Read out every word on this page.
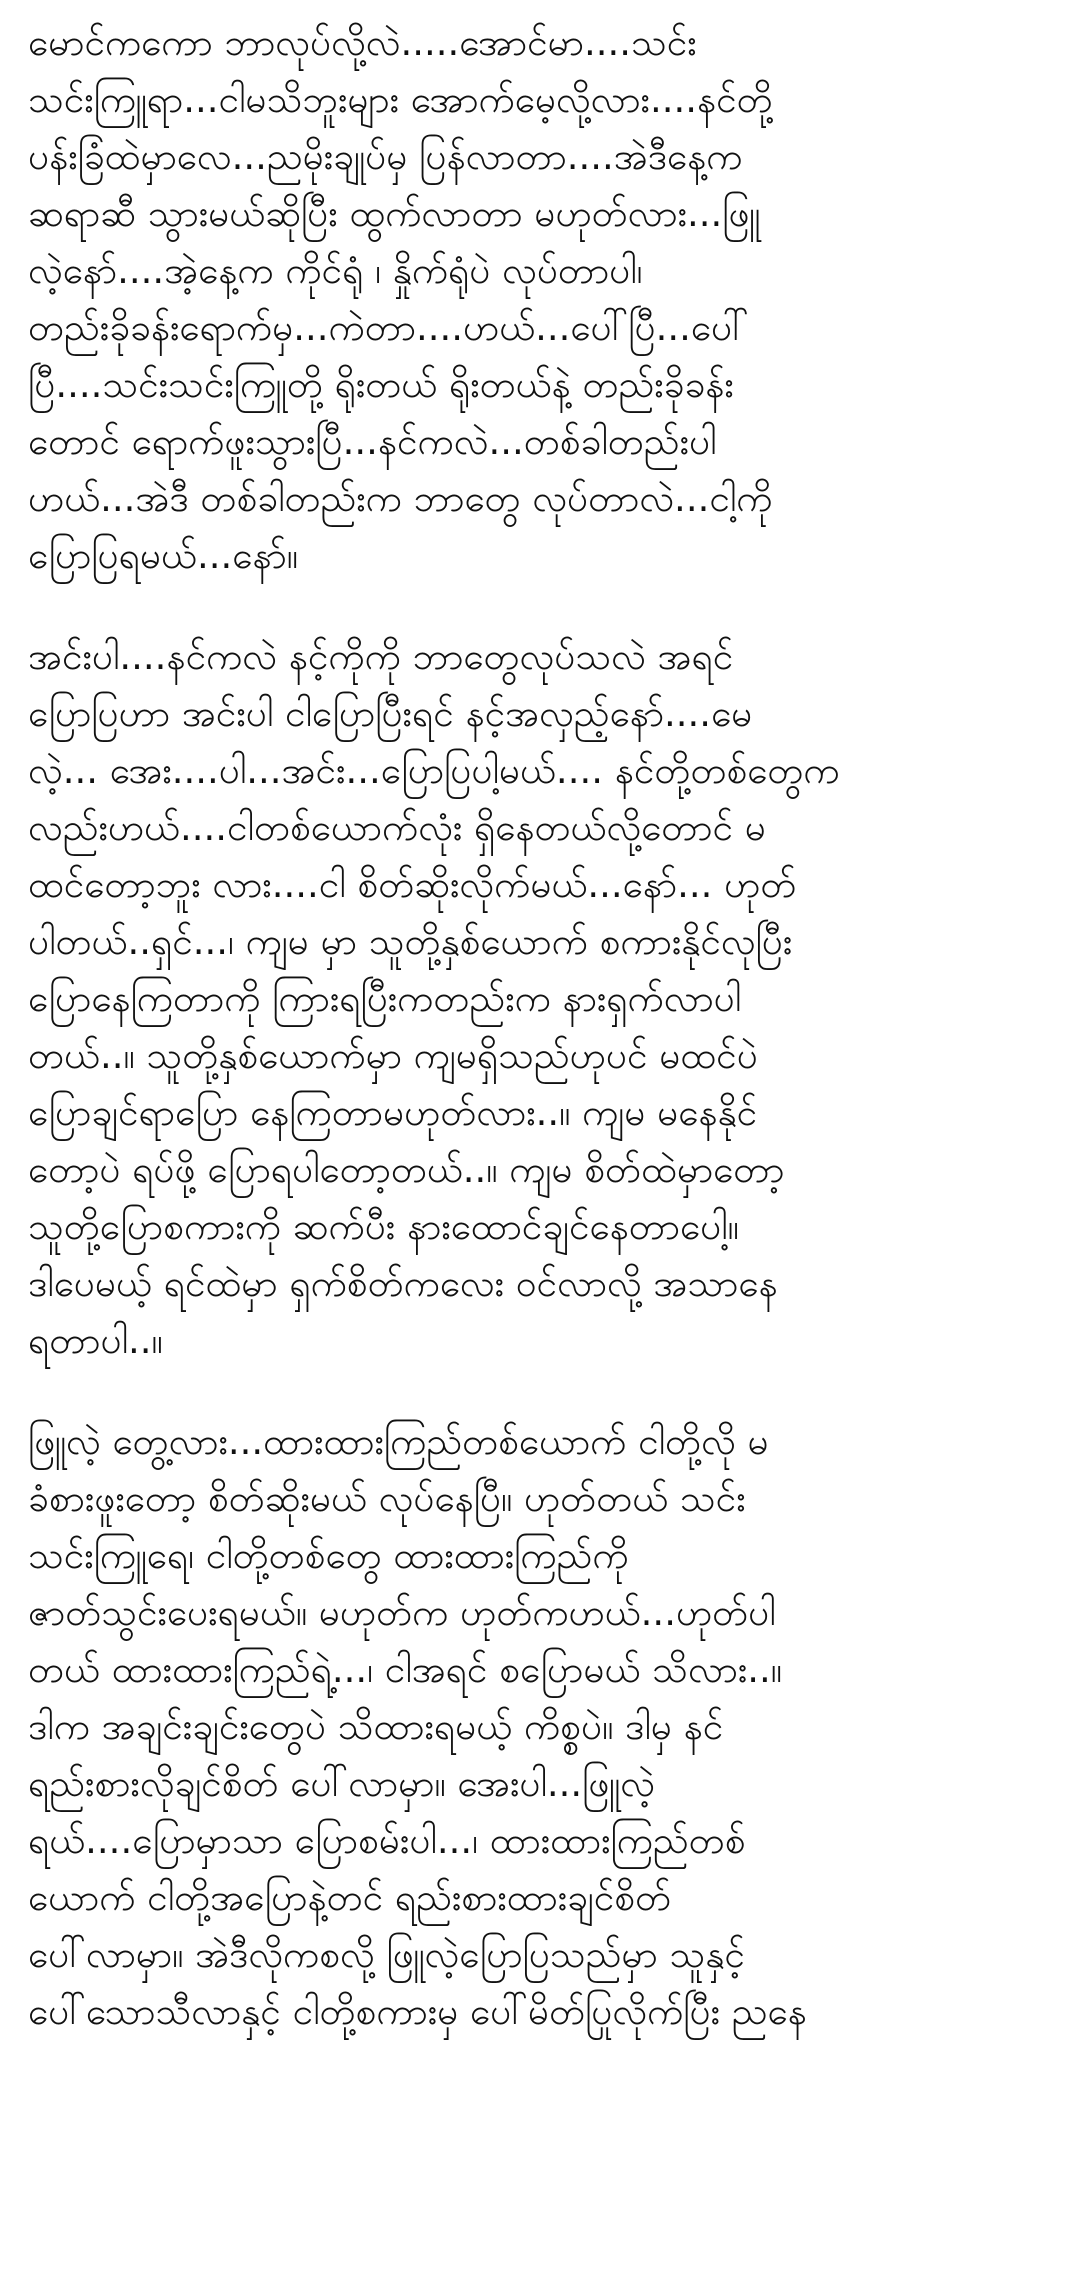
မောင်ကကော ဘာလုပ်လို့လဲ.....အောင်မာ....သင်း
သင်းကြူရာ...ငါမသိဘူးများ အောက်မေ့လို့လား....နင်တို့
ပန်းခြံထဲမှာလေ...ညမိုးချုပ်မှ ပြန်လာတာ....အဲဒီနေ့က
ဆရာဆီ သွားမယ်ဆိုပြီး ထွက်လာတာ မဟုတ်လား...ဖြူ
လဲ့နော်....အဲ့နေ့က ကိုင်ရုံ ၊ နှိုက်ရုံပဲ လုပ်တာပါ၊
တည်းခိုခန်းရောက်မှ...ကဲတာ....ဟယ်...ပေါ်ပြီ...ပေါ်
ပြီ....သင်းသင်းကြူတို့ ရိုးတယ် ရိုးတယ်နဲ့ တည်းခိုခန်း
တောင် ရောက်ဖူးသွားပြီ...နင်ကလဲ...တစ်ခါတည်းပါ
ဟယ်...အဲဒီ တစ်ခါတည်းက ဘာတွေ လုပ်တာလဲ...ငါ့ကို
ပြောပြရမယ်...နော်။
အင်းပါ....နင်ကလဲ နင့်ကိုကို ဘာတွေလုပ်သလဲ အရင်
ပြောပြဟာ အင်းပါ ငါပြောပြီးရင် နင့်အလှည့်နော်....မေ
လဲ့... အေး....ပါ...အင်း...ပြောပြပါ့မယ်.... နင်တို့တစ်တွေက
လည်းဟယ်....ငါတစ်ယောက်လုံး ရှိနေတယ်လို့တောင် မ
ထင်တော့ဘူး လား....ငါ စိတ်ဆိုးလိုက်မယ်...နော်... ဟုတ်
ပါတယ်..ရှင်...၊ ကျမ မှာ သူတို့နှစ်ယောက် စကားနိုင်လုပြီး
ပြောနေကြတာကို ကြားရပြီးကတည်းက နားရှက်လာပါ
တယ်..။ သူတို့နှစ်ယောက်မှာ ကျမရှိသည်ဟုပင် မထင်ပဲ
ပြောချင်ရာပြော နေကြတာမဟုတ်လား..။ ကျမ မနေနိုင်
တော့ပဲ ရပ်ဖို့ ပြောရပါတော့တယ်..။ ကျမ စိတ်ထဲမှာတော့
သူတို့ပြောစကားကို ဆက်ပီး နားထောင်ချင်နေတာပေါ့။
ဒါပေမယ့် ရင်ထဲမှာ ရှက်စိတ်ကလေး ဝင်လာလို့ အသာနေ
ရတာပါ..။
ဖြူလဲ့ တွေ့လား...ထားထားကြည်တစ်ယောက် ငါတို့လို မ
ခံစားဖူးတော့ စိတ်ဆိုးမယ် လုပ်နေပြီ။ ဟုတ်တယ် သင်း
သင်းကြူရေ၊ ငါတို့တစ်တွေ ထားထားကြည်ကို
ဇာတ်သွင်းပေးရမယ်။ မဟုတ်က ဟုတ်ကဟယ်...ဟုတ်ပါ
တယ် ထားထားကြည်ရဲ့...၊ ငါအရင် စပြောမယ် သိလား..။
ဒါက အချင်းချင်းတွေပဲ သိထားရမယ့် ကိစ္စပဲ။ ဒါမှ နင်
ရည်းစားလိုချင်စိတ် ပေါ်လာမှာ။ အေးပါ...ဖြူလဲ့
ရယ်....ပြောမှာသာ ပြောစမ်းပါ...၊ ထားထားကြည်တစ်
ယောက် ငါတို့အပြောနဲ့တင် ရည်းစားထားချင်စိတ်
ပေါ်လာမှာ။ အဲဒီလိုကစလို့ ဖြူလဲ့ပြောပြသည်မှာ သူနှင့်
ပေါ်သောသီလာနှင့် ငါတို့စကားမှ ပေါ်မိတ်ပြုလိုက်ပြီး ညနေ
